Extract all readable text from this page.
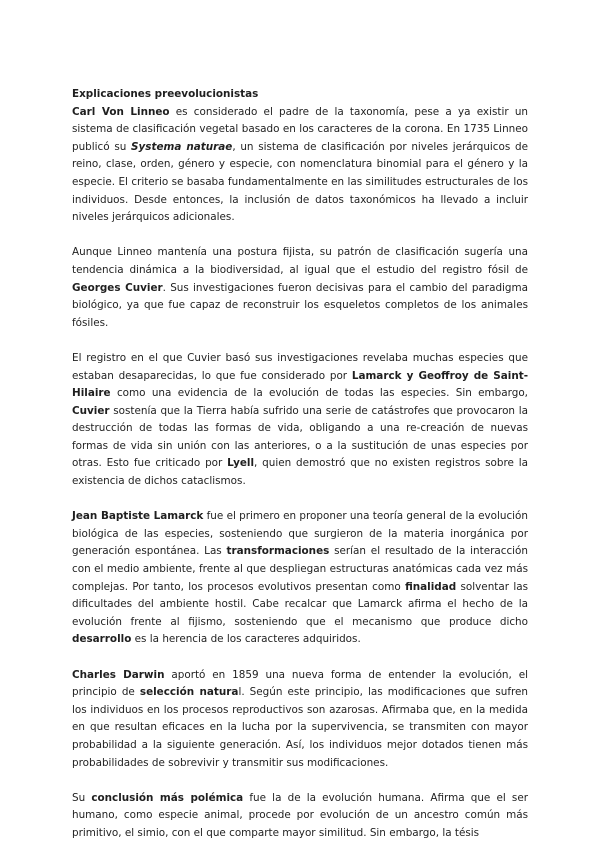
Explicaciones preevolucionistas

Carl Von Linneo es considerado el padre de la taxonomía, pese a ya existir un sistema de clasificación vegetal basado en los caracteres de la corona. En 1735 Linneo publicó su Systema naturae, un sistema de clasificación por niveles jerárquicos de reino, clase, orden, género y especie, con nomenclatura binomial para el género y la especie. El criterio se basaba fundamentalmente en las similitudes estructurales de los individuos. Desde entonces, la inclusión de datos taxonómicos ha llevado a incluir niveles jerárquicos adicionales.

Aunque Linneo mantenía una postura fijista, su patrón de clasificación sugería una tendencia dinámica a la biodiversidad, al igual que el estudio del registro fósil de Georges Cuvier. Sus investigaciones fueron decisivas para el cambio del paradigma biológico, ya que fue capaz de reconstruir los esqueletos completos de los animales fósiles.

El registro en el que Cuvier basó sus investigaciones revelaba muchas especies que estaban desaparecidas, lo que fue considerado por Lamarck y Geoffroy de Saint-Hilaire como una evidencia de la evolución de todas las especies. Sin embargo, Cuvier sostenía que la Tierra había sufrido una serie de catástrofes que provocaron la destrucción de todas las formas de vida, obligando a una re-creación de nuevas formas de vida sin unión con las anteriores, o a la sustitución de unas especies por otras. Esto fue criticado por Lyell, quien demostró que no existen registros sobre la existencia de dichos cataclismos.

Jean Baptiste Lamarck fue el primero en proponer una teoría general de la evolución biológica de las especies, sosteniendo que surgieron de la materia inorgánica por generación espontánea. Las transformaciones serían el resultado de la interacción con el medio ambiente, frente al que despliegan estructuras anatómicas cada vez más complejas. Por tanto, los procesos evolutivos presentan como finalidad solventar las dificultades del ambiente hostil. Cabe recalcar que Lamarck afirma el hecho de la evolución frente al fijismo, sosteniendo que el mecanismo que produce dicho desarrollo es la herencia de los caracteres adquiridos.

Charles Darwin aportó en 1859 una nueva forma de entender la evolución, el principio de selección natural. Según este principio, las modificaciones que sufren los individuos en los procesos reproductivos son azarosas. Afirmaba que, en la medida en que resultan eficaces en la lucha por la supervivencia, se transmiten con mayor probabilidad a la siguiente generación. Así, los individuos mejor dotados tienen más probabilidades de sobrevivir y transmitir sus modificaciones.

Su conclusión más polémica fue la de la evolución humana. Afirma que el ser humano, como especie animal, procede por evolución de un ancestro común más primitivo, el simio, con el que comparte mayor similitud. Sin embargo, la tésis
